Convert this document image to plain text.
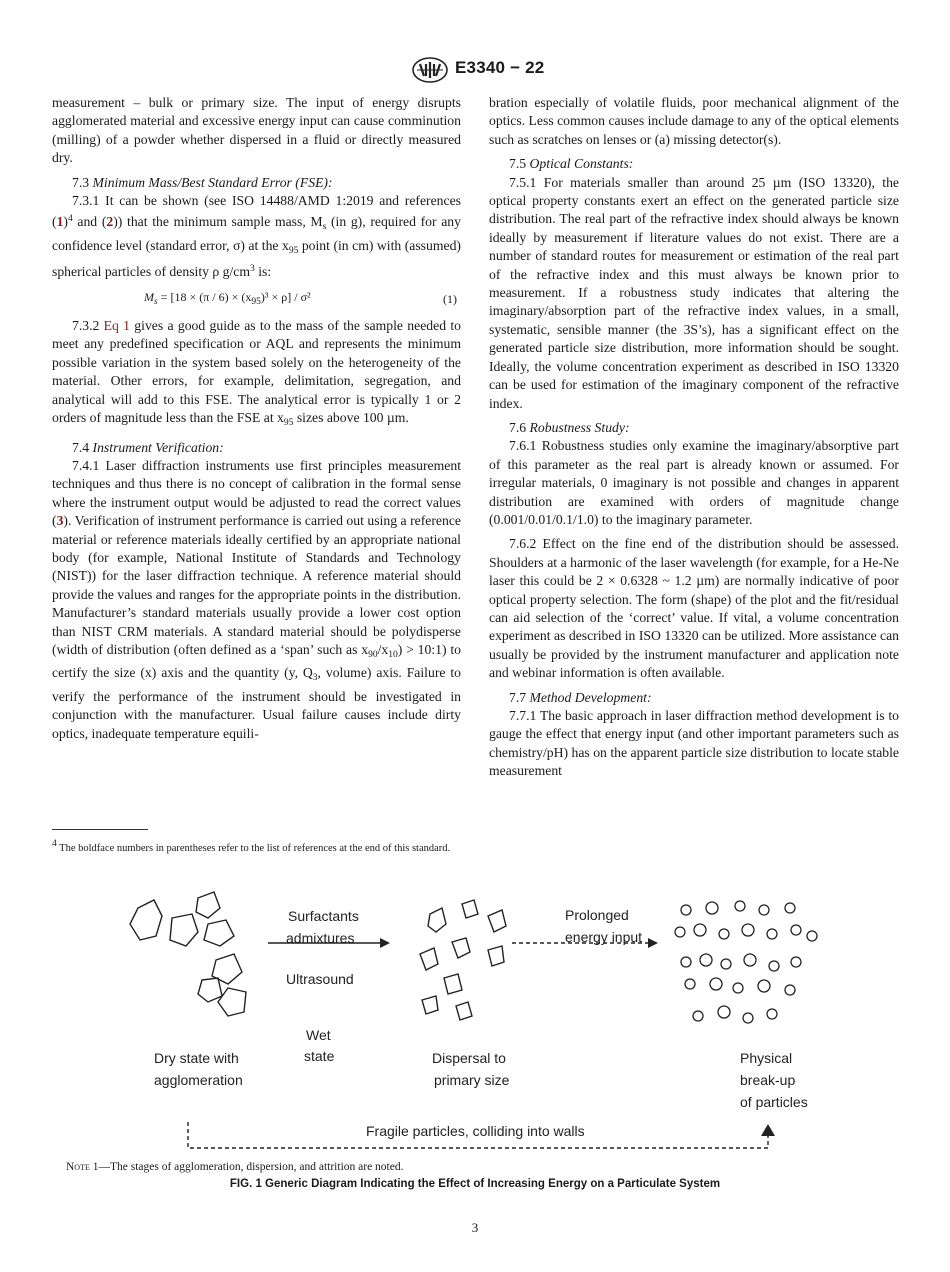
E3340 − 22

measurement – bulk or primary size. The input of energy disrupts agglomerated material and excessive energy input can cause comminution (milling) of a powder whether dispersed in a fluid or directly measured dry.

7.3 Minimum Mass/Best Standard Error (FSE):

7.3.1 It can be shown (see ISO 14488/AMD 1:2019 and references $(1)^4$ and (2)) that the minimum sample mass, $M_s$ (in g), required for any confidence level (standard error, σ) at the $x_{95}$ point (in cm) with (assumed) spherical particles of density ρ $g/cm^3$ is:

$M_s = [18 \times (\pi / 6) \times (x_{95})^3 \times \rho] / \sigma^2$	(1)

7.3.2 Eq 1 gives a good guide as to the mass of the sample needed to meet any predefined specification or AQL and represents the minimum possible variation in the system based solely on the heterogeneity of the material. Other errors, for example, delimitation, segregation, and analytical will add to this FSE. The analytical error is typically 1 or 2 orders of magnitude less than the FSE at $x_{95}$ sizes above 100 µm.

7.4 Instrument Verification:

7.4.1 Laser diffraction instruments use first principles measurement techniques and thus there is no concept of calibration in the formal sense where the instrument output would be adjusted to read the correct values (3). Verification of instrument performance is carried out using a reference material or reference materials ideally certified by an appropriate national body (for example, National Institute of Standards and Technology (NIST)) for the laser diffraction technique. A reference material should provide the values and ranges for the appropriate points in the distribution. Manufacturer’s standard materials usually provide a lower cost option than NIST CRM materials. A standard material should be polydisperse (width of distribution (often defined as a ‘span’ such as $x_{90}/x_{10}$) > 10:1) to certify the size (x) axis and the quantity (y, $Q_3$, volume) axis. Failure to verify the performance of the instrument should be investigated in conjunction with the manufacturer. Usual failure causes include dirty optics, inadequate temperature equili-

$^4$ The boldface numbers in parentheses refer to the list of references at the end of this standard.

bration especially of volatile fluids, poor mechanical alignment of the optics. Less common causes include damage to any of the optical elements such as scratches on lenses or (a) missing detector(s).

7.5 Optical Constants:

7.5.1 For materials smaller than around 25 µm (ISO 13320), the optical property constants exert an effect on the generated particle size distribution. The real part of the refractive index should always be known ideally by measurement if literature values do not exist. There are a number of standard routes for measurement or estimation of the real part of the refractive index and this must always be known prior to measurement. If a robustness study indicates that altering the imaginary/absorption part of the refractive index values, in a small, systematic, sensible manner (the 3S’s), has a significant effect on the generated particle size distribution, more information should be sought. Ideally, the volume concentration experiment as described in ISO 13320 can be used for estimation of the imaginary component of the refractive index.

7.6 Robustness Study:

7.6.1 Robustness studies only examine the imaginary/absorptive part of this parameter as the real part is already known or assumed. For irregular materials, 0 imaginary is not possible and changes in apparent distribution are examined with orders of magnitude change (0.001/0.01/0.1/1.0) to the imaginary parameter.

7.6.2 Effect on the fine end of the distribution should be assessed. Shoulders at a harmonic of the laser wavelength (for example, for a He-Ne laser this could be 2 × 0.6328 ~ 1.2 µm) are normally indicative of poor optical property selection. The form (shape) of the plot and the fit/residual can aid selection of the ‘correct’ value. If vital, a volume concentration experiment as described in ISO 13320 can be utilized. More assistance can usually be provided by the instrument manufacturer and application note and webinar information is often available.

7.7 Method Development:

7.7.1 The basic approach in laser diffraction method development is to gauge the effect that energy input (and other important parameters such as chemistry/pH) has on the apparent particle size distribution to locate stable measurement

Surfactants
admixtures
Ultrasound
Wet
state
Prolonged
energy input
Dry state with
agglomeration
Dispersal to
primary size
Physical
break-up
of particles
Fragile particles, colliding into walls
Note 1—The stages of agglomeration, dispersion, and attrition are noted.
FIG. 1 Generic Diagram Indicating the Effect of Increasing Energy on a Particulate System
3
